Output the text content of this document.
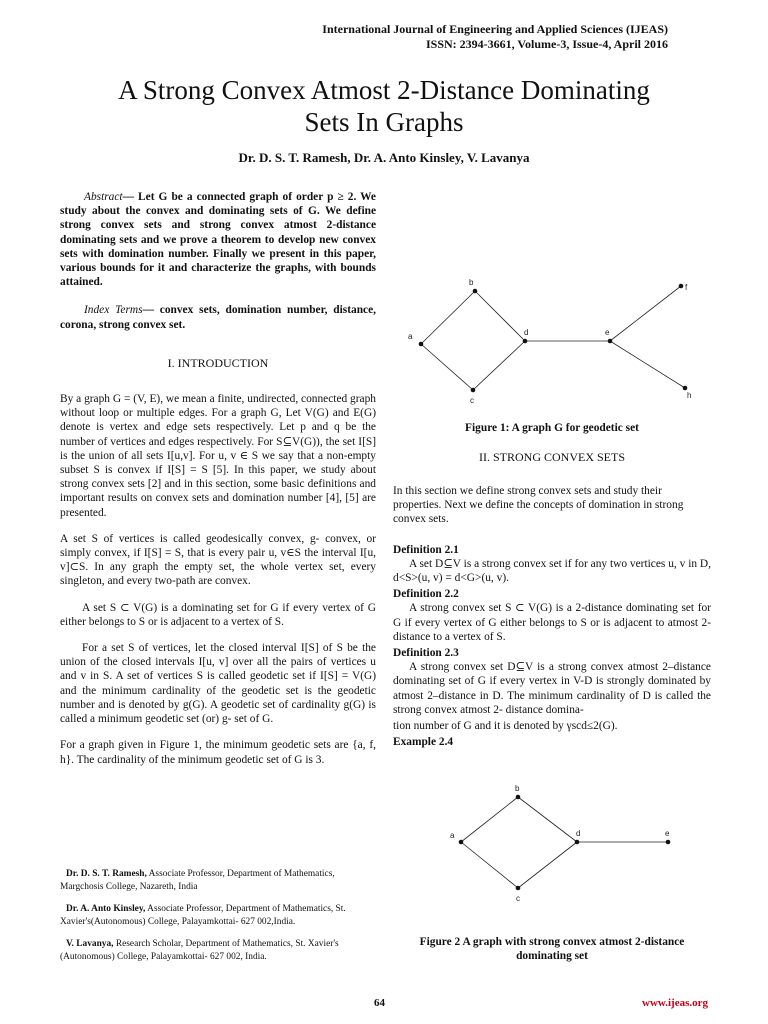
International Journal of Engineering and Applied Sciences (IJEAS)
ISSN: 2394-3661, Volume-3, Issue-4, April 2016
A Strong Convex Atmost 2-Distance Dominating
Sets In Graphs
Dr. D. S. T. Ramesh, Dr. A. Anto Kinsley, V. Lavanya

Abstract— Let G be a connected graph of order p ≥ 2. We study about the convex and dominating sets of G. We define strong convex sets and strong convex atmost 2-distance dominating sets and we prove a theorem to develop new convex sets with domination number. Finally we present in this paper, various bounds for it and characterize the graphs, with bounds attained.

Index Terms— convex sets, domination number, distance, corona, strong convex set.

I. INTRODUCTION

By a graph G = (V, E), we mean a finite, undirected, connected graph without loop or multiple edges. For a graph G, Let V(G) and E(G) denote is vertex and edge sets respectively. Let p and q be the number of vertices and edges respectively. For S⊆V(G)), the set I[S] is the union of all sets I[u,v]. For u, v ∈ S we say that a non-empty subset S is convex if I[S] = S [5]. In this paper, we study about strong convex sets [2] and in this section, some basic definitions and important results on convex sets and domination number [4], [5] are presented.

A set S of vertices is called geodesically convex, g- convex, or simply convex, if I[S] = S, that is every pair u, v∈S the interval I[u, v]⊂S. In any graph the empty set, the whole vertex set, every singleton, and every two-path are convex.

A set S ⊂ V(G) is a dominating set for G if every vertex of G either belongs to S or is adjacent to a vertex of S.

For a set S of vertices, let the closed interval I[S] of S be the union of the closed intervals I[u, v] over all the pairs of vertices u and v in S. A set of vertices S is called geodetic set if I[S] = V(G) and the minimum cardinality of the geodetic set is the geodetic number and is denoted by g(G). A geodetic set of cardinality g(G) is called a minimum geodetic set (or) g- set of G.

For a graph given in Figure 1, the minimum geodetic sets are {a, f, h}. The cardinality of the minimum geodetic set of G is 3.

Dr. D. S. T. Ramesh, Associate Professor, Department of Mathematics, Margchosis College, Nazareth, India

Dr. A. Anto Kinsley, Associate Professor, Department of Mathematics, St. Xavier's(Autonomous) College, Palayamkottai- 627 002,India.

V. Lavanya, Research Scholar, Department of Mathematics, St. Xavier's (Autonomous) College, Palayamkottai- 627 002, India.

a
b
c
d	e
f
h
Figure 1: A graph G for geodetic set
II. STRONG CONVEX SETS

In this section we define strong convex sets and study their properties. Next we define the concepts of domination in strong convex sets.

Definition 2.1

A set D⊆V is a strong convex set if for any two vertices u, v in D, d<S>(u, v) = d<G>(u, v).

Definition 2.2

A strong convex set S ⊂ V(G) is a 2-distance dominating set for G if every vertex of G either belongs to S or is adjacent to atmost 2-distance to a vertex of S.

Definition 2.3

A strong convex set D⊆V is a strong convex atmost 2–distance dominating set of G if every vertex in V-D is strongly dominated by atmost 2–distance in D. The minimum cardinality of D is called the strong convex atmost 2- distance domina-

tion number of G and it is denoted by γscd≤2(G).

Example 2.4

a
b
c
d	e
Figure 2 A graph with strong convex atmost 2-distance
dominating set
64	www.ijeas.org
